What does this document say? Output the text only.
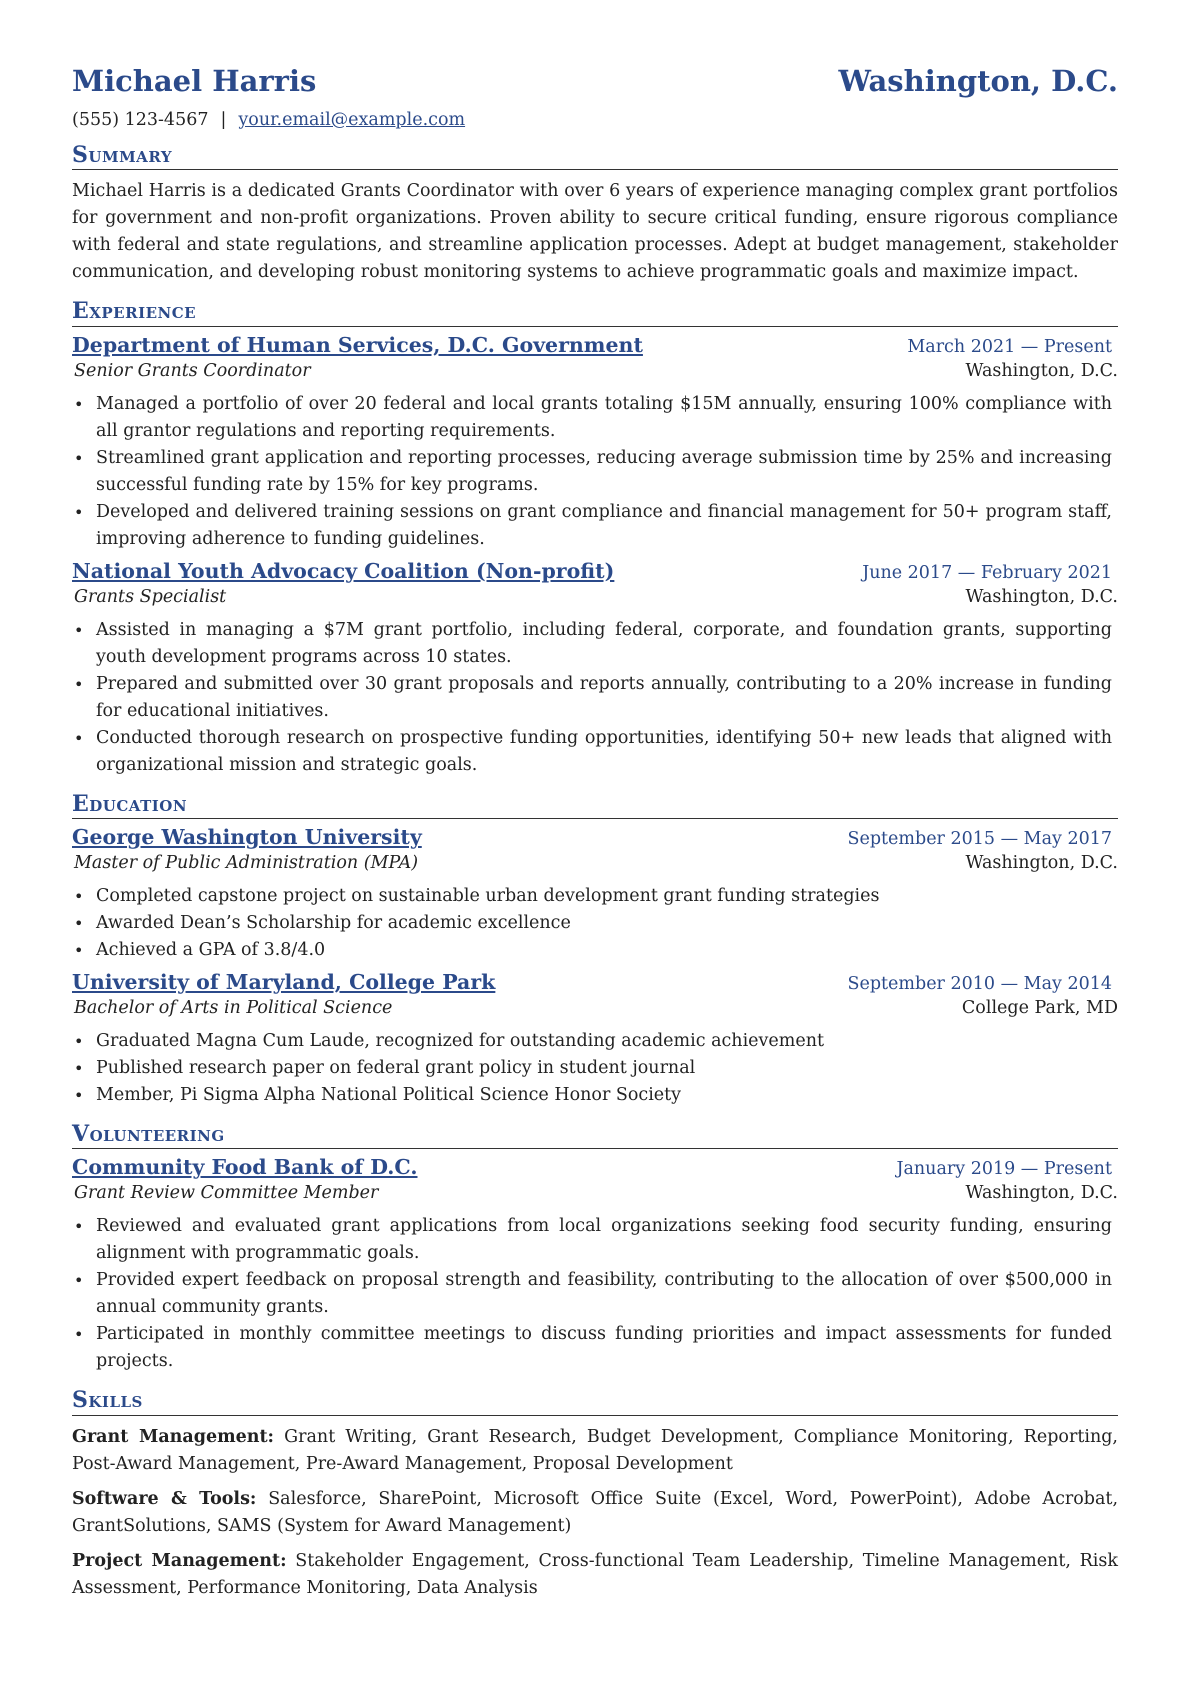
Michael Harris	Washington, D.C.
(555) 123-4567 | your.email@example.com
Summary
Michael Harris is a dedicated Grants Coordinator with over 6 years of experience managing complex grant portfolios for government and non-profit organizations. Proven ability to secure critical funding, ensure rigorous compliance with federal and state regulations, and streamline application processes. Adept at budget management, stakeholder communication, and developing robust monitoring systems to achieve programmatic goals and maximize impact.
Experience
Department of Human Services, D.C. Government	March 2021 — Present
Senior Grants Coordinator	Washington, D.C.
• Managed a portfolio of over 20 federal and local grants totaling $15M annually, ensuring 100% compliance with all grantor regulations and reporting requirements.
• Streamlined grant application and reporting processes, reducing average submission time by 25% and increasing successful funding rate by 15% for key programs.
• Developed and delivered training sessions on grant compliance and financial management for 50+ program staff, improving adherence to funding guidelines.
National Youth Advocacy Coalition (Non-profit)	June 2017 — February 2021
Grants Specialist	Washington, D.C.
• Assisted in managing a $7M grant portfolio, including federal, corporate, and foundation grants, supporting youth development programs across 10 states.
• Prepared and submitted over 30 grant proposals and reports annually, contributing to a 20% increase in funding for educational initiatives.
• Conducted thorough research on prospective funding opportunities, identifying 50+ new leads that aligned with organizational mission and strategic goals.
Education
George Washington University	September 2015 — May 2017
Master of Public Administration (MPA)	Washington, D.C.
• Completed capstone project on sustainable urban development grant funding strategies
• Awarded Dean’s Scholarship for academic excellence
• Achieved a GPA of 3.8/4.0
University of Maryland, College Park	September 2010 — May 2014
Bachelor of Arts in Political Science	College Park, MD
• Graduated Magna Cum Laude, recognized for outstanding academic achievement
• Published research paper on federal grant policy in student journal
• Member, Pi Sigma Alpha National Political Science Honor Society
Volunteering
Community Food Bank of D.C.	January 2019 — Present
Grant Review Committee Member	Washington, D.C.
• Reviewed and evaluated grant applications from local organizations seeking food security funding, ensuring alignment with programmatic goals.
• Provided expert feedback on proposal strength and feasibility, contributing to the allocation of over $500,000 in annual community grants.
• Participated in monthly committee meetings to discuss funding priorities and impact assessments for funded projects.
Skills
Grant Management: Grant Writing, Grant Research, Budget Development, Compliance Monitoring, Reporting, Post-Award Management, Pre-Award Management, Proposal Development
Software & Tools: Salesforce, SharePoint, Microsoft Office Suite (Excel, Word, PowerPoint), Adobe Acrobat, GrantSolutions, SAMS (System for Award Management)
Project Management: Stakeholder Engagement, Cross-functional Team Leadership, Timeline Management, Risk Assessment, Performance Monitoring, Data Analysis
